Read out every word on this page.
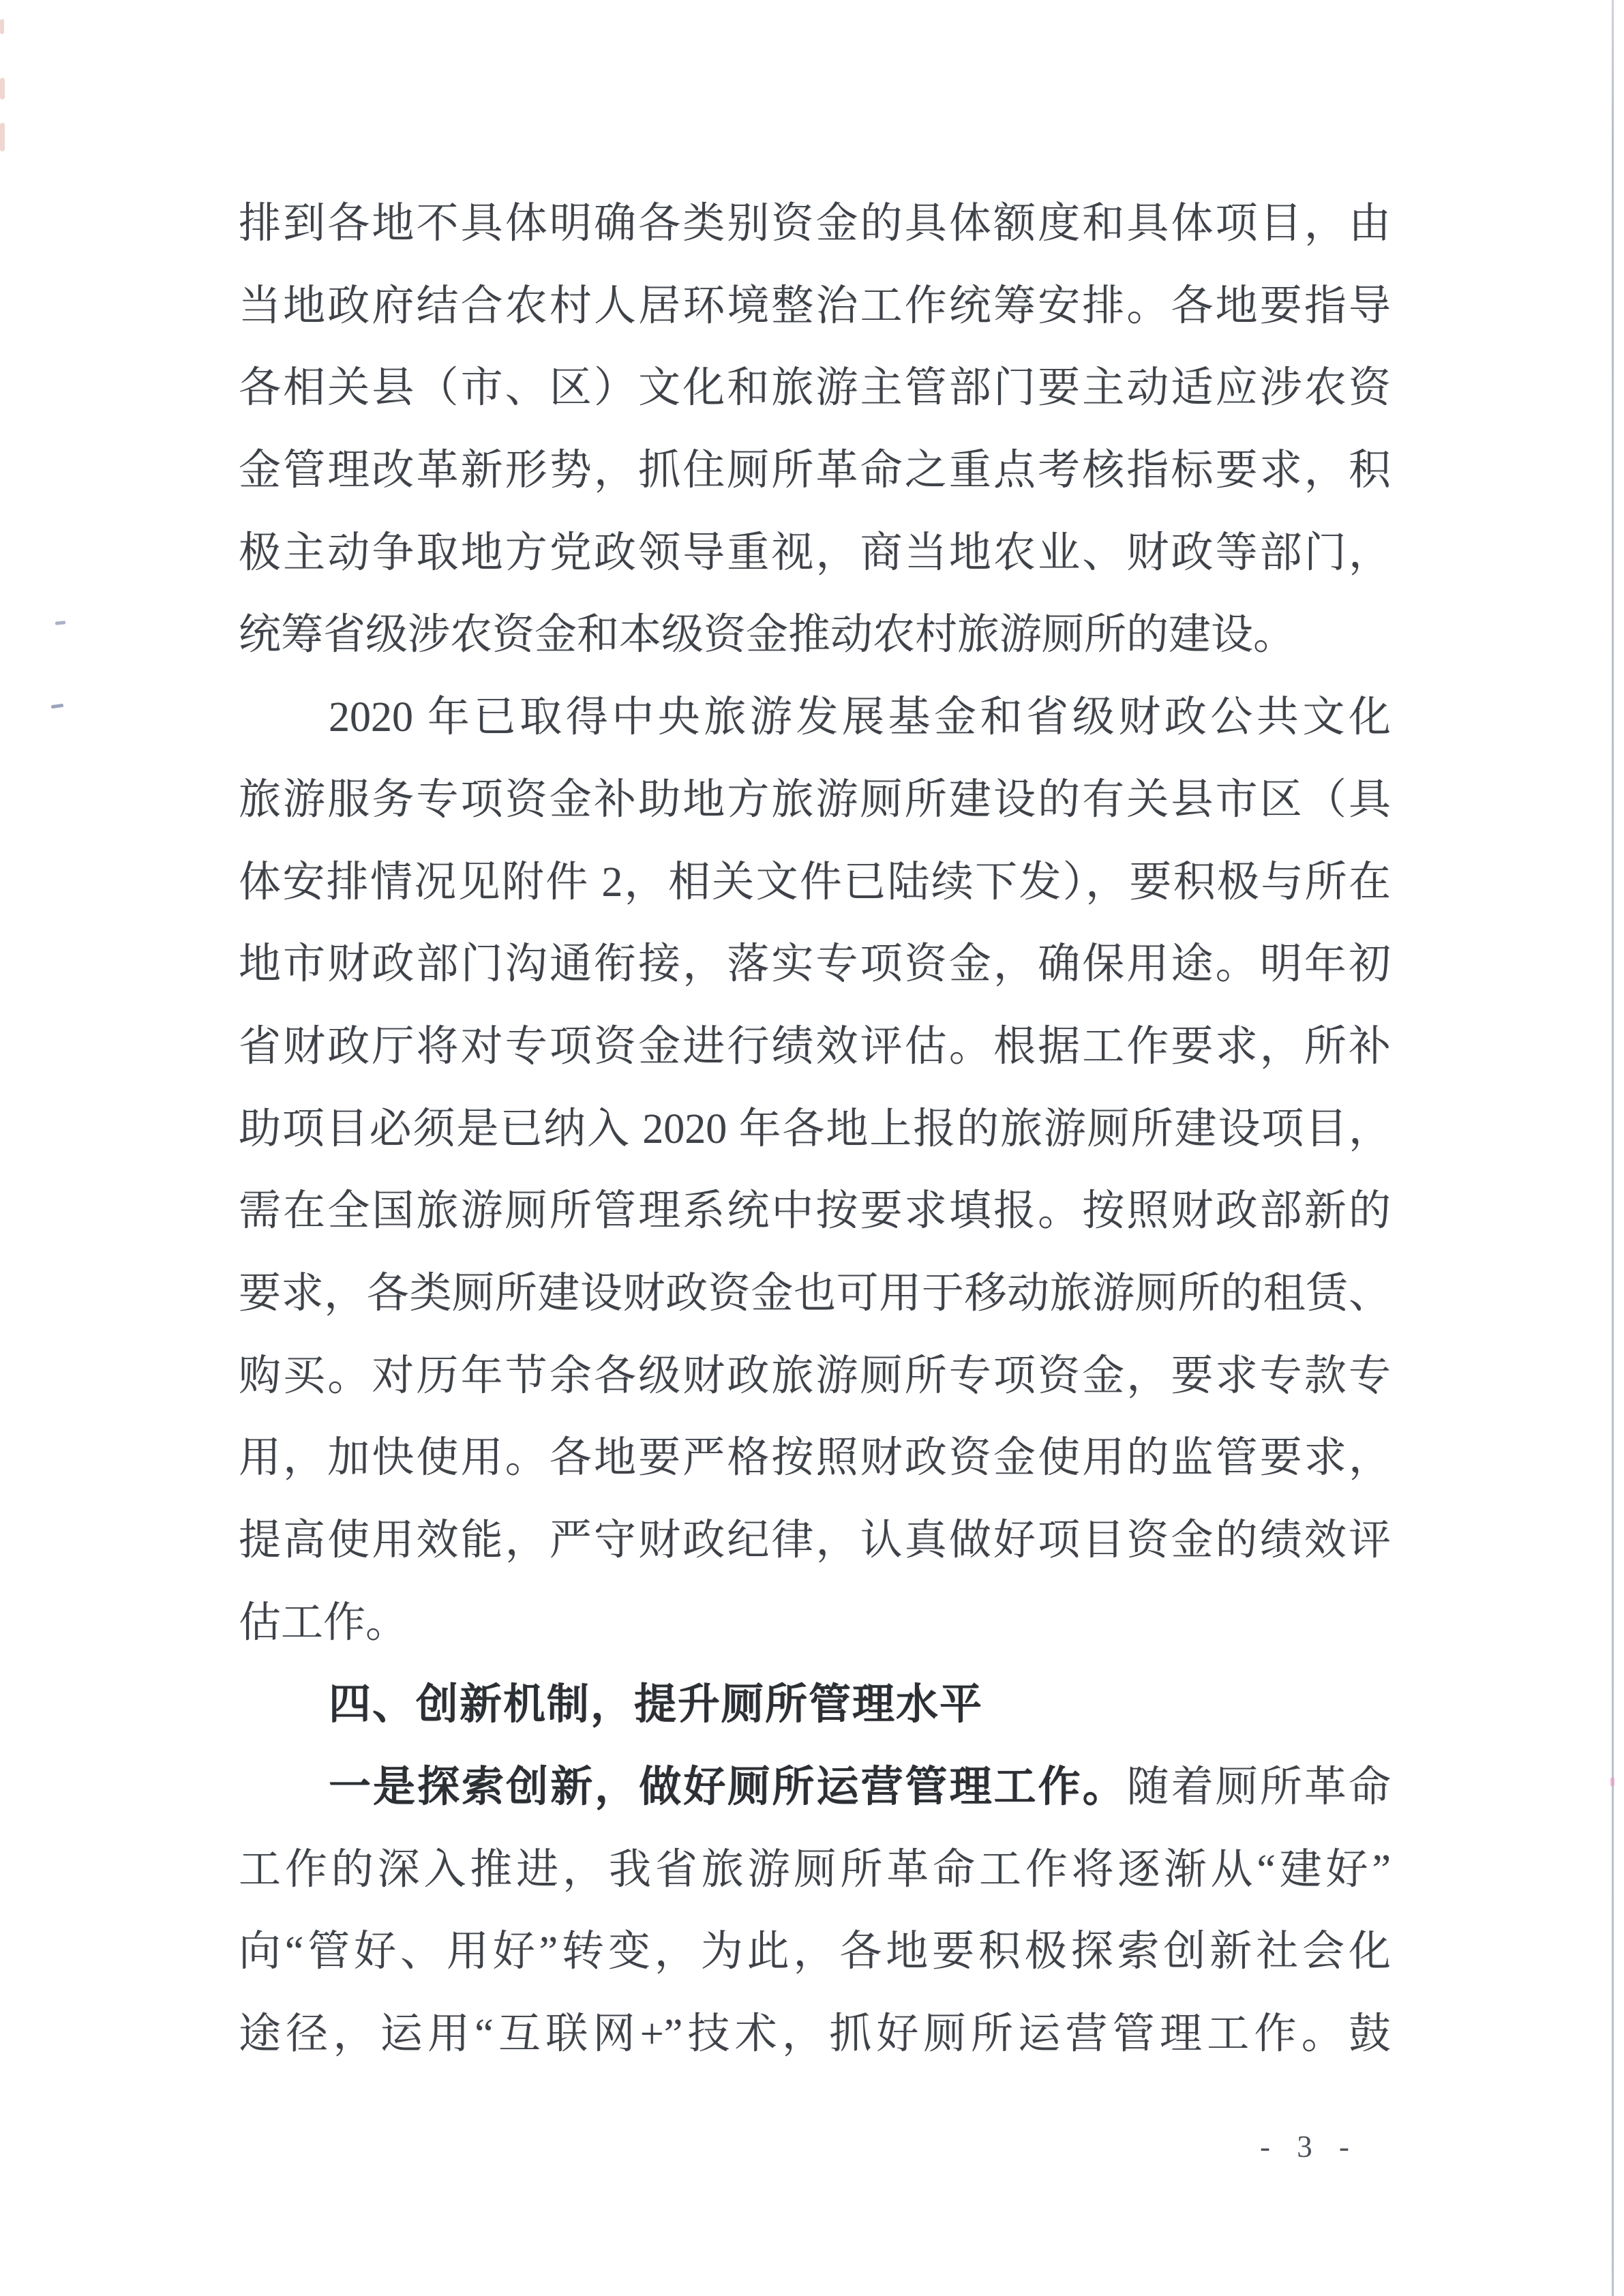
排到各地不具体明确各类别资金的具体额度和具体项目，由
当地政府结合农村人居环境整治工作统筹安排。各地要指导
各相关县（市、区）文化和旅游主管部门要主动适应涉农资
金管理改革新形势，抓住厕所革命之重点考核指标要求，积
极主动争取地方党政领导重视，商当地农业、财政等部门，
统筹省级涉农资金和本级资金推动农村旅游厕所的建设。
2020 年已取得中央旅游发展基金和省级财政公共文化
旅游服务专项资金补助地方旅游厕所建设的有关县市区（具
体安排情况见附件 2，相关文件已陆续下发），要积极与所在
地市财政部门沟通衔接，落实专项资金，确保用途。明年初
省财政厅将对专项资金进行绩效评估。根据工作要求，所补
助项目必须是已纳入 2020 年各地上报的旅游厕所建设项目，
需在全国旅游厕所管理系统中按要求填报。按照财政部新的
要求，各类厕所建设财政资金也可用于移动旅游厕所的租赁、
购买。对历年节余各级财政旅游厕所专项资金，要求专款专
用，加快使用。各地要严格按照财政资金使用的监管要求，
提高使用效能，严守财政纪律，认真做好项目资金的绩效评
估工作。
四、创新机制，提升厕所管理水平
一是探索创新，做好厕所运营管理工作。随着厕所革命
工作的深入推进，我省旅游厕所革命工作将逐渐从“建好”
向“管好、用好”转变，为此，各地要积极探索创新社会化
途径，运用“互联网+”技术，抓好厕所运营管理工作。鼓
- 3 -
